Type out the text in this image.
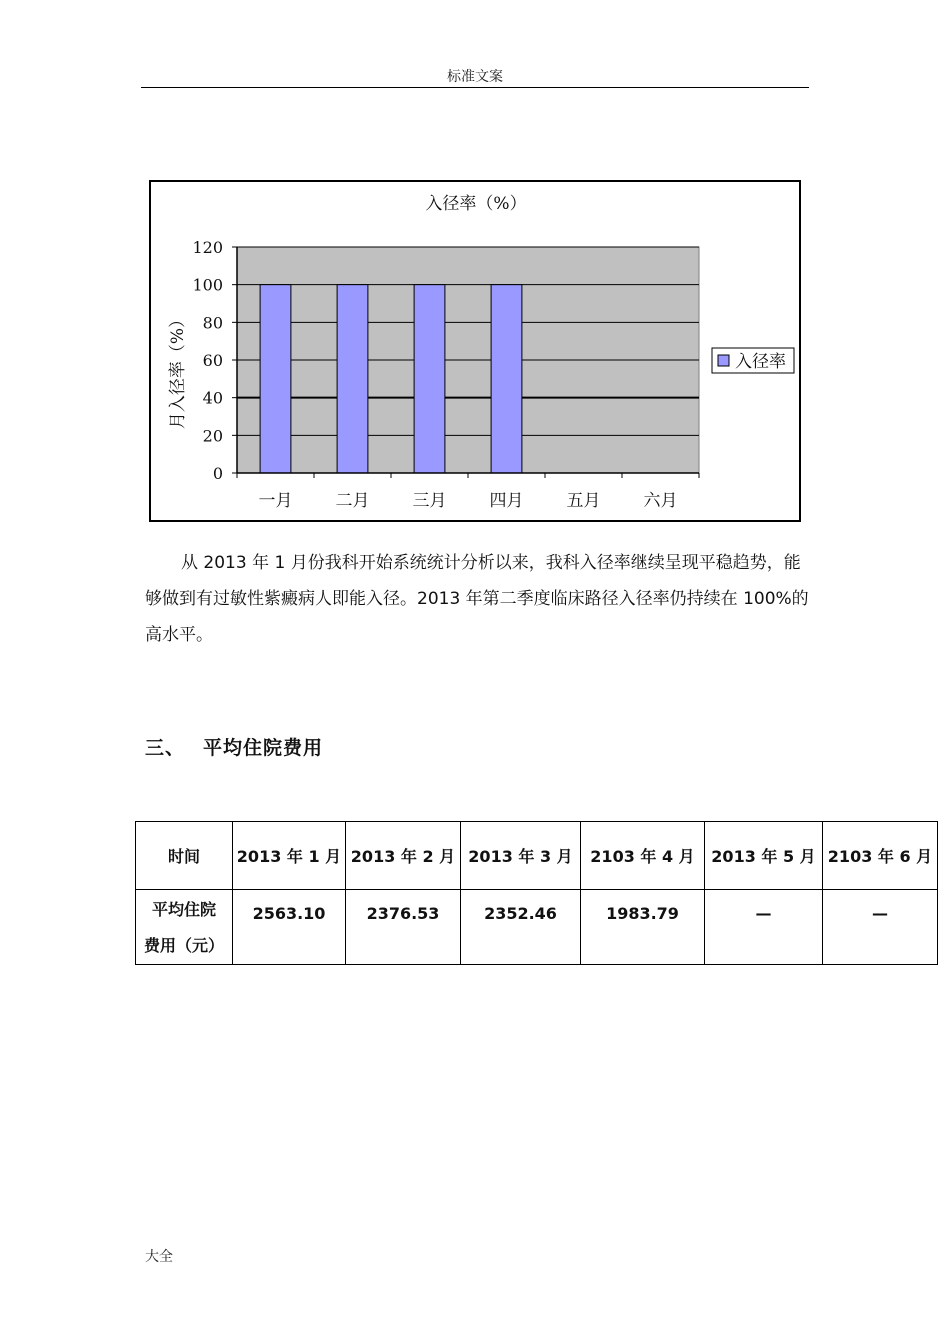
标准文案
入径率（%）
0
20
40
60
80
100
120
一月	二月	三月	四月	五月	六月
月入径率（%）	入径率
从 2013 年 1 月份我科开始系统统计分析以来，我科入径率继续呈现平稳趋势，能够做到有过敏性紫癜病人即能入径。2013 年第二季度临床路径入径率仍持续在 100%的高水平。
三、 平均住院费用
时间	2013 年 1 月	2013 年 2 月	2013 年 3 月	2103 年 4 月	2013 年 5 月	2103 年 6 月

平均住院
费用（元）	2563.10	2376.53	2352.46	1983.79	—	—
大全
